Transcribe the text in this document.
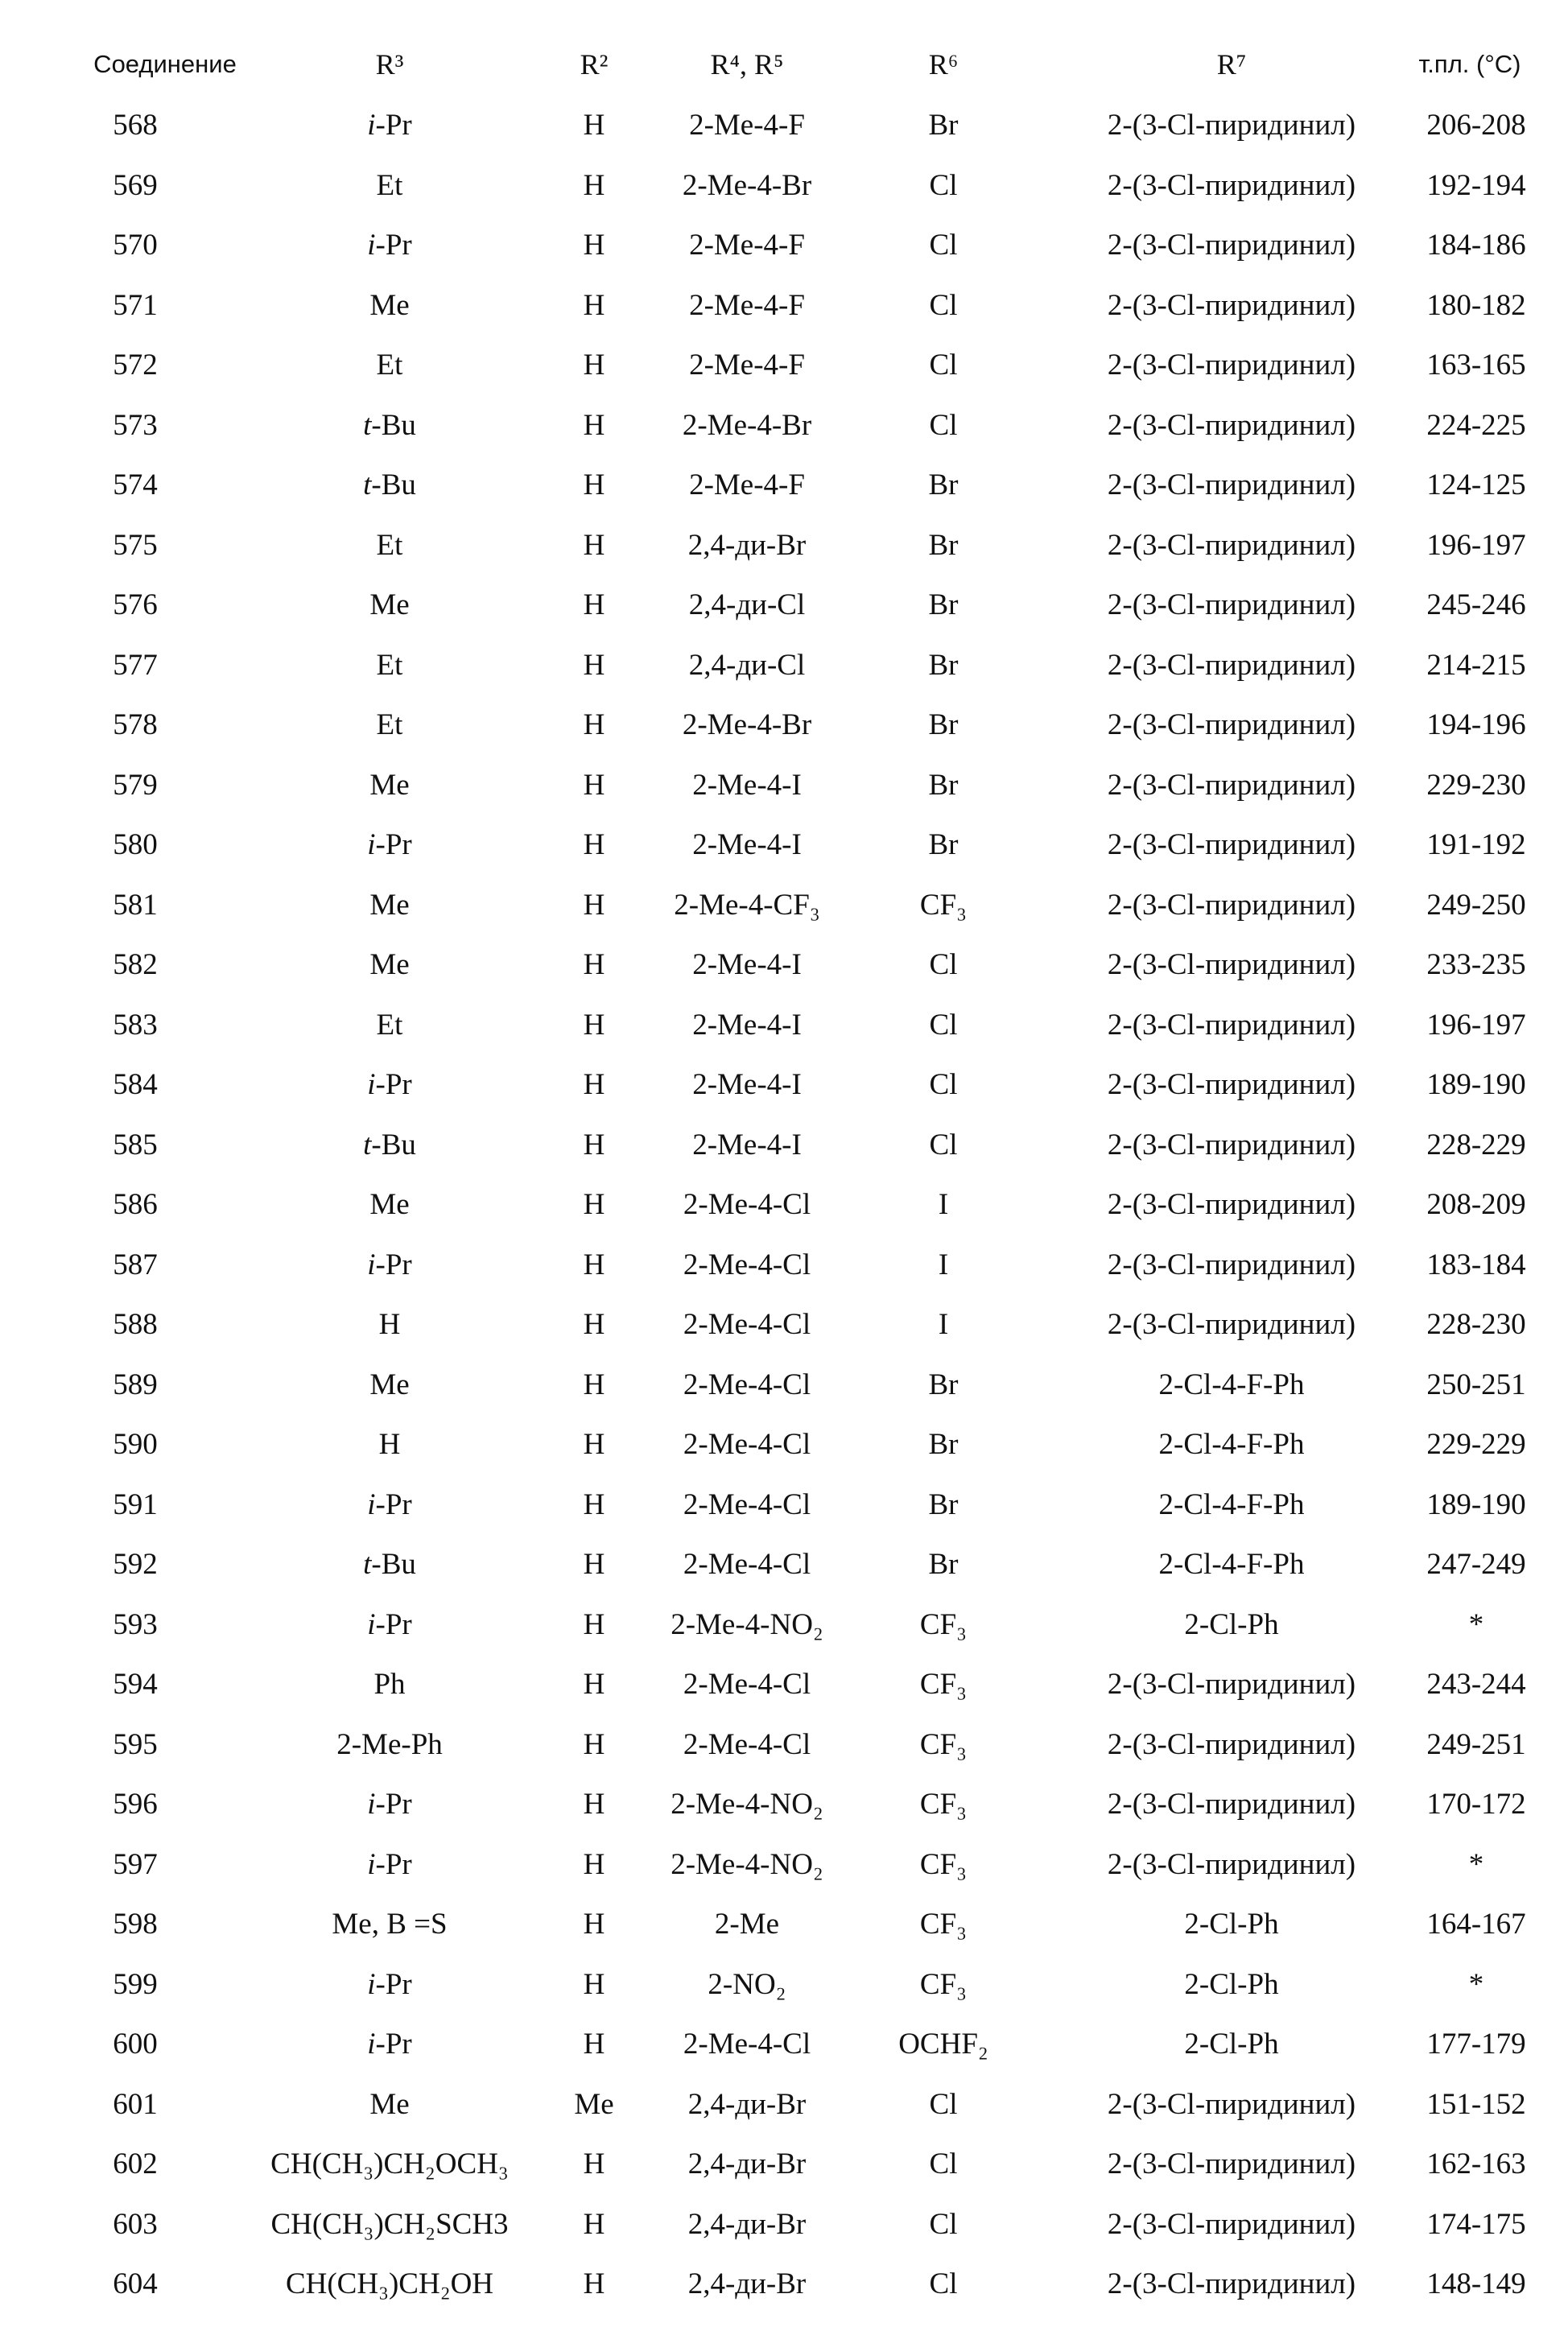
Соединение	R³	R²	R⁴, R⁵	R⁶	R⁷	т.пл. (°C)
568	i-Pr	H	2-Me-4-F	Br	2-(3-Cl-пиридинил) 206-208
569	Et	H	2-Me-4-Br	Cl	2-(3-Cl-пиридинил) 192-194
570	i-Pr	H	2-Me-4-F	Cl	2-(3-Cl-пиридинил) 184-186
571	Me	H	2-Me-4-F	Cl	2-(3-Cl-пиридинил) 180-182
572	Et	H	2-Me-4-F	Cl	2-(3-Cl-пиридинил) 163-165
573	t-Bu	H	2-Me-4-Br	Cl	2-(3-Cl-пиридинил) 224-225
574	t-Bu	H	2-Me-4-F	Br	2-(3-Cl-пиридинил) 124-125
575	Et	H	2,4-ди-Br	Br	2-(3-Cl-пиридинил) 196-197
576	Me	H	2,4-ди-Cl	Br	2-(3-Cl-пиридинил) 245-246
577	Et	H	2,4-ди-Cl	Br	2-(3-Cl-пиридинил) 214-215
578	Et	H	2-Me-4-Br	Br	2-(3-Cl-пиридинил) 194-196
579	Me	H	2-Me-4-I	Br	2-(3-Cl-пиридинил) 229-230
580	i-Pr	H	2-Me-4-I	Br	2-(3-Cl-пиридинил) 191-192
581	Me	H 2-Me-4-CF₃	CF₃	2-(3-Cl-пиридинил) 249-250
582	Me	H	2-Me-4-I	Cl	2-(3-Cl-пиридинил) 233-235
583	Et	H	2-Me-4-I	Cl	2-(3-Cl-пиридинил) 196-197
584	i-Pr	H	2-Me-4-I	Cl	2-(3-Cl-пиридинил) 189-190
585	t-Bu	H	2-Me-4-I	Cl	2-(3-Cl-пиридинил) 228-229
586	Me	H	2-Me-4-Cl	I	2-(3-Cl-пиридинил) 208-209
587	i-Pr	H	2-Me-4-Cl	I	2-(3-Cl-пиридинил) 183-184
588	H	H	2-Me-4-Cl	I	2-(3-Cl-пиридинил) 228-230
589	Me	H	2-Me-4-Cl	Br	2-Cl-4-F-Ph	250-251
590	H	H	2-Me-4-Cl	Br	2-Cl-4-F-Ph	229-229
591	i-Pr	H	2-Me-4-Cl	Br	2-Cl-4-F-Ph	189-190
592	t-Bu	H	2-Me-4-Cl	Br	2-Cl-4-F-Ph	247-249
593	i-Pr	H 2-Me-4-NO₂	CF₃	2-Cl-Ph	*
594	Ph	H	2-Me-4-Cl	CF₃	2-(3-Cl-пиридинил) 243-244
595	2-Me-Ph	H	2-Me-4-Cl	CF₃	2-(3-Cl-пиридинил) 249-251
596	i-Pr	H 2-Me-4-NO₂	CF₃	2-(3-Cl-пиридинил) 170-172
597	i-Pr	H 2-Me-4-NO₂	CF₃	2-(3-Cl-пиридинил)	*
598	Me, B =S	H	2-Me	CF₃	2-Cl-Ph	164-167
599	i-Pr	H	2-NO₂	CF₃	2-Cl-Ph	*
600	i-Pr	H	2-Me-4-Cl	OCHF₂	2-Cl-Ph	177-179
601	Me	Me 2,4-ди-Br	Cl	2-(3-Cl-пиридинил) 151-152
602	CH(CH₃)CH₂OCH₃	H	2,4-ди-Br	Cl	2-(3-Cl-пиридинил) 162-163
603	CH(CH₃)CH₂SCH3	H	2,4-ди-Br	Cl	2-(3-Cl-пиридинил) 174-175
604	CH(CH₃)CH₂OH	H	2,4-ди-Br	Cl	2-(3-Cl-пиридинил) 148-149
